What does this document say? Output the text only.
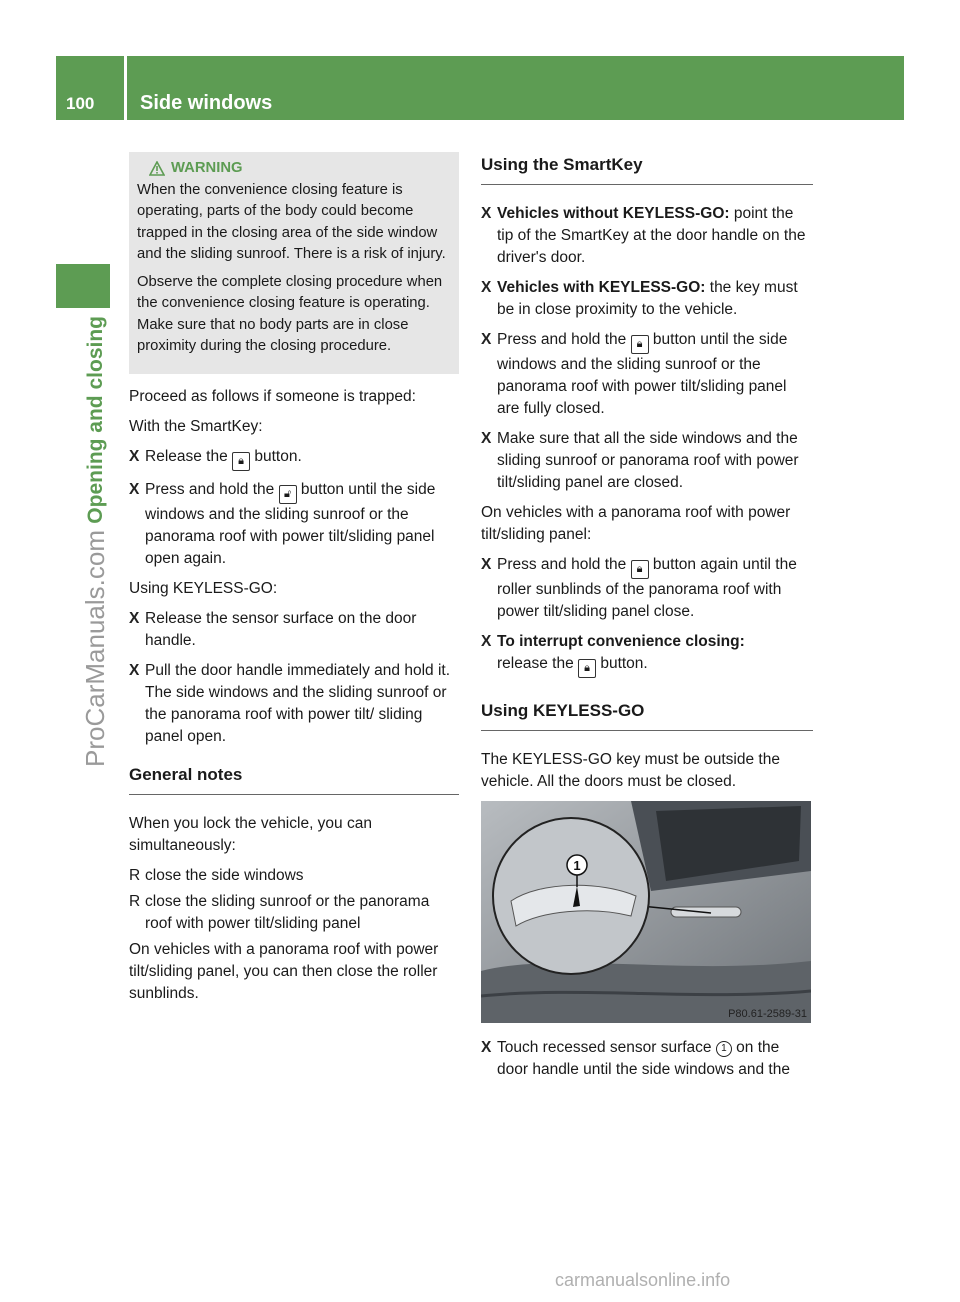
100 Side windows
Opening and closing
ProCarManuals.com
WARNING

When the convenience closing feature is operating, parts of the body could become trapped in the closing area of the side window and the sliding sunroof. There is a risk of injury.

Observe the complete closing procedure when the convenience closing feature is operating. Make sure that no body parts are in close proximity during the closing procedure.

Proceed as follows if someone is trapped:

With the SmartKey:

X Release the 🔒︎ button.
X Press and hold the 🔓︎ button until the side windows and the sliding sunroof or the panorama roof with power tilt/sliding panel open again.

Using KEYLESS-GO:

X Release the sensor surface on the door handle.
X Pull the door handle immediately and hold it.
The side windows and the sliding sunroof or the panorama roof with power tilt/ sliding panel open.
General notes

When you lock the vehicle, you can simultaneously:

R close the side windows
R close the sliding sunroof or the panorama roof with power tilt/sliding panel

On vehicles with a panorama roof with power tilt/sliding panel, you can then close the roller sunblinds.

Using the SmartKey
X Vehicles without KEYLESS-GO: point the tip of the SmartKey at the door handle on the driver's door.
X Vehicles with KEYLESS-GO: the key must be in close proximity to the vehicle.
X Press and hold the 🔒︎ button until the side windows and the sliding sunroof or the panorama roof with power tilt/sliding panel are fully closed.
X Make sure that all the side windows and the sliding sunroof or panorama roof with power tilt/sliding panel are closed.

On vehicles with a panorama roof with power tilt/sliding panel:

X Press and hold the 🔒︎ button again until the roller sunblinds of the panorama roof with power tilt/sliding panel close.
X To interrupt convenience closing:
release the 🔒︎ button.
Using KEYLESS-GO

The KEYLESS-GO key must be outside the vehicle. All the doors must be closed.

1
P80.61-2589-31
X Touch recessed sensor surface 1 on the door handle until the side windows and the
carmanualsonline.info
